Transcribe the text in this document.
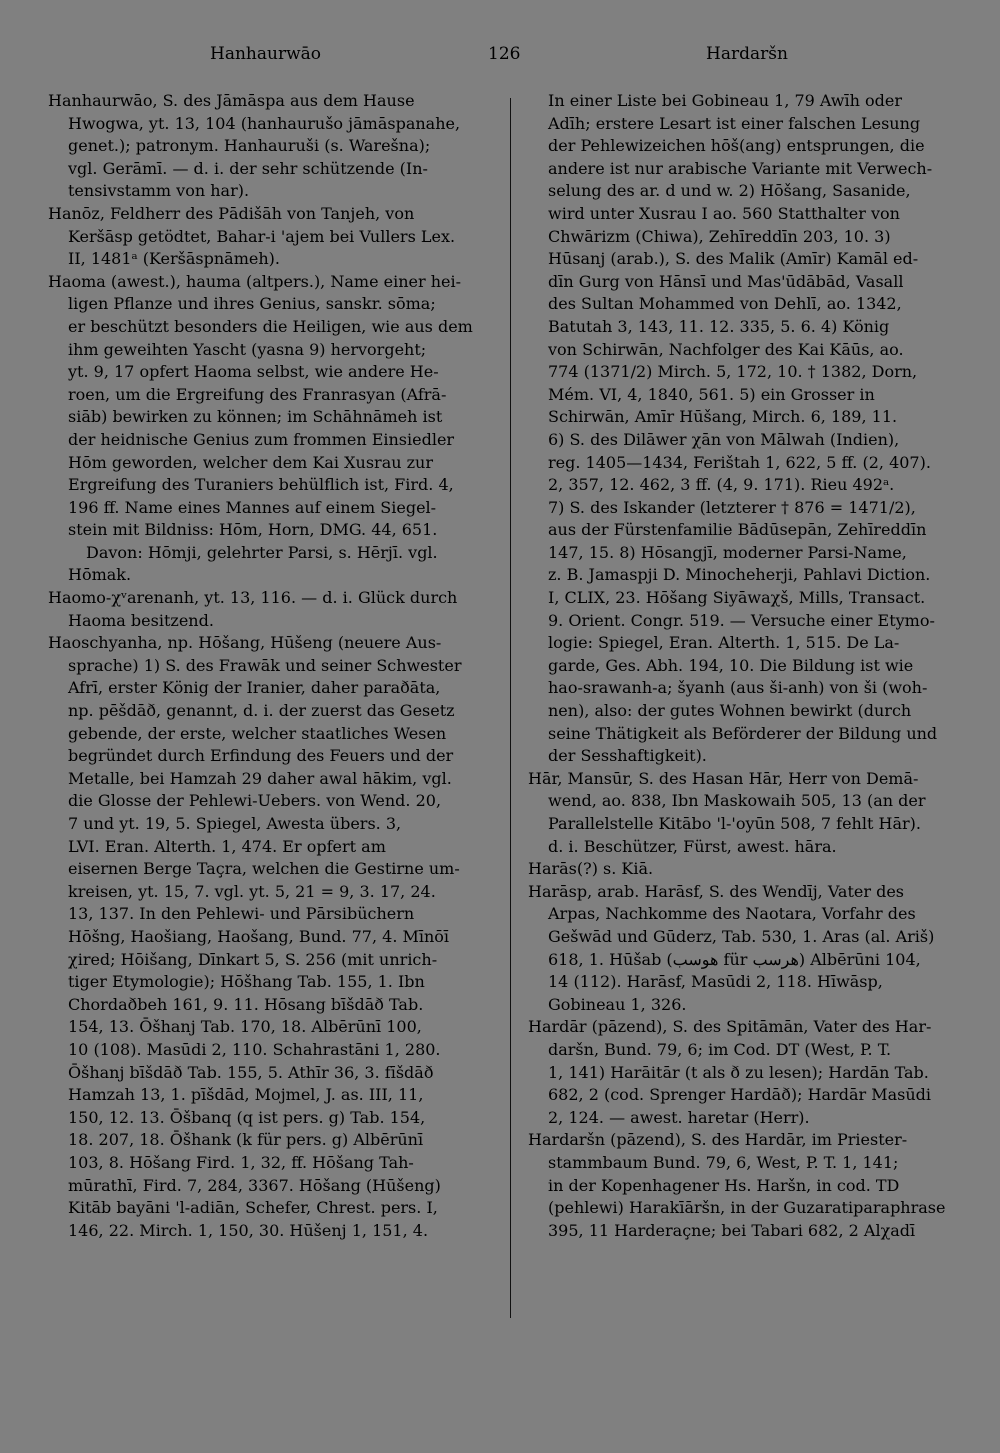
Hanhaurwāo	126	Hardaršn
Hanhaurwāo, S. des Jāmāspa aus dem Hause
Hwogwa, yt. 13, 104 (hanhaurušo jāmāspanahe,
genet.); patronym. Hanhauruši (s. Warešna);
vgl. Gerāmī. — d. i. der sehr schützende (In-
tensivstamm von har).
Hanōz, Feldherr des Pādišāh von Tanjeh, von
Keršāsp getödtet, Bahar-i 'ajem bei Vullers Lex.
II, 1481ᵃ (Keršāspnāmeh).
Haoma (awest.), hauma (altpers.), Name einer hei-
ligen Pflanze und ihres Genius, sanskr. sōma;
er beschützt besonders die Heiligen, wie aus dem
ihm geweihten Yascht (yasna 9) hervorgeht;
yt. 9, 17 opfert Haoma selbst, wie andere He-
roen, um die Ergreifung des Franrasyan (Afrā-
siāb) bewirken zu können; im Schāhnāmeh ist
der heidnische Genius zum frommen Einsiedler
Hōm geworden, welcher dem Kai Xusrau zur
Ergreifung des Turaniers behülflich ist, Fird. 4,
196 ff. Name eines Mannes auf einem Siegel-
stein mit Bildniss: Hōm, Horn, DMG. 44, 651.
Davon: Hōmji, gelehrter Parsi, s. Hērjī. vgl.
Hōmak.
Haomo-χᵛarenanh, yt. 13, 116. — d. i. Glück durch
Haoma besitzend.
Haoschyanha, np. Hōšang, Hūšeng (neuere Aus-
sprache) 1) S. des Frawāk und seiner Schwester
Afrī, erster König der Iranier, daher paraðāta,
np. pēšdāð, genannt, d. i. der zuerst das Gesetz
gebende, der erste, welcher staatliches Wesen
begründet durch Erfindung des Feuers und der
Metalle, bei Hamzah 29 daher awal hākim, vgl.
die Glosse der Pehlewi-Uebers. von Wend. 20,
7 und yt. 19, 5. Spiegel, Awesta übers. 3,
LVI. Eran. Alterth. 1, 474. Er opfert am
eisernen Berge Taçra, welchen die Gestirne um-
kreisen, yt. 15, 7. vgl. yt. 5, 21 = 9, 3. 17, 24.
13, 137. In den Pehlewi- und Pārsibüchern
Hōšng, Haošiang, Haošang, Bund. 77, 4. Mīnōī
χired; Hōišang, Dīnkart 5, S. 256 (mit unrich-
tiger Etymologie); Hōšhang Tab. 155, 1. Ibn
Chordaðbeh 161, 9. 11. Hōsang bīšdāð Tab.
154, 13. Ōšhanj Tab. 170, 18. Albērūnī 100,
10 (108). Masūdi 2, 110. Schahrastāni 1, 280.
Ōšhanj bīšdāð Tab. 155, 5. Athīr 36, 3. fīšdāð
Hamzah 13, 1. pīšdād, Mojmel, J. as. III, 11,
150, 12. 13. Ōšbanq (q ist pers. g) Tab. 154,
18. 207, 18. Ōšhank (k für pers. g) Albērūnī
103, 8. Hōšang Fird. 1, 32, ff. Hōšang Tah-
mūrathī, Fird. 7, 284, 3367. Hōšang (Hūšeng)
Kitāb bayāni 'l-adiān, Schefer, Chrest. pers. I,
146, 22. Mirch. 1, 150, 30. Hūšenj 1, 151, 4.
In einer Liste bei Gobineau 1, 79 Awīh oder
Adīh; erstere Lesart ist einer falschen Lesung
der Pehlewizeichen hōš(ang) entsprungen, die
andere ist nur arabische Variante mit Verwech-
selung des ar. d und w. 2) Hōšang, Sasanide,
wird unter Xusrau I ao. 560 Statthalter von
Chwārizm (Chiwa), Zehīreddīn 203, 10. 3)
Hūsanj (arab.), S. des Malik (Amīr) Kamāl ed-
dīn Gurg von Hānsī und Mas'ūdābād, Vasall
des Sultan Mohammed von Dehlī, ao. 1342,
Batutah 3, 143, 11. 12. 335, 5. 6. 4) König
von Schirwān, Nachfolger des Kai Kāūs, ao.
774 (1371/2) Mirch. 5, 172, 10. † 1382, Dorn,
Mém. VI, 4, 1840, 561. 5) ein Grosser in
Schirwān, Amīr Hūšang, Mirch. 6, 189, 11.
6) S. des Dilāwer χān von Mālwah (Indien),
reg. 1405—1434, Ferištah 1, 622, 5 ff. (2, 407).
2, 357, 12. 462, 3 ff. (4, 9. 171). Rieu 492ᵃ.
7) S. des Iskander (letzterer † 876 = 1471/2),
aus der Fürstenfamilie Bādūsepān, Zehīreddīn
147, 15. 8) Hōsangjī, moderner Parsi-Name,
z. B. Jamaspji D. Minocheherji, Pahlavi Diction.
I, CLIX, 23. Hōšang Siyāwaχš, Mills, Transact.
9. Orient. Congr. 519. — Versuche einer Etymo-
logie: Spiegel, Eran. Alterth. 1, 515. De La-
garde, Ges. Abh. 194, 10. Die Bildung ist wie
hao-srawanh-a; šyanh (aus ši-anh) von ši (woh-
nen), also: der gutes Wohnen bewirkt (durch
seine Thätigkeit als Beförderer der Bildung und
der Sesshaftigkeit).
Hār, Mansūr, S. des Hasan Hār, Herr von Demā-
wend, ao. 838, Ibn Maskowaih 505, 13 (an der
Parallelstelle Kitābo 'l-'oyūn 508, 7 fehlt Hār).
d. i. Beschützer, Fürst, awest. hāra.
Harās(?) s. Kiā.
Harāsp, arab. Harāsf, S. des Wendīj, Vater des
Arpas, Nachkomme des Naotara, Vorfahr des
Gešwād und Gūderz, Tab. 530, 1. Aras (al. Ariš)
618, 1. Hūšab (هوسب für هرسب) Albērūni 104,
14 (112). Harāsf, Masūdi 2, 118. Hīwāsp,
Gobineau 1, 326.
Hardār (pāzend), S. des Spitāmān, Vater des Har-
daršn, Bund. 79, 6; im Cod. DT (West, P. T.
1, 141) Harāitār (t als ð zu lesen); Hardān Tab.
682, 2 (cod. Sprenger Hardāð); Hardār Masūdi
2, 124. — awest. haretar (Herr).
Hardaršn (pāzend), S. des Hardār, im Priester-
stammbaum Bund. 79, 6, West, P. T. 1, 141;
in der Kopenhagener Hs. Haršn, in cod. TD
(pehlewi) Harakīāršn, in der Guzaratiparaphrase
395, 11 Harderaçne; bei Tabari 682, 2 Alχadī
